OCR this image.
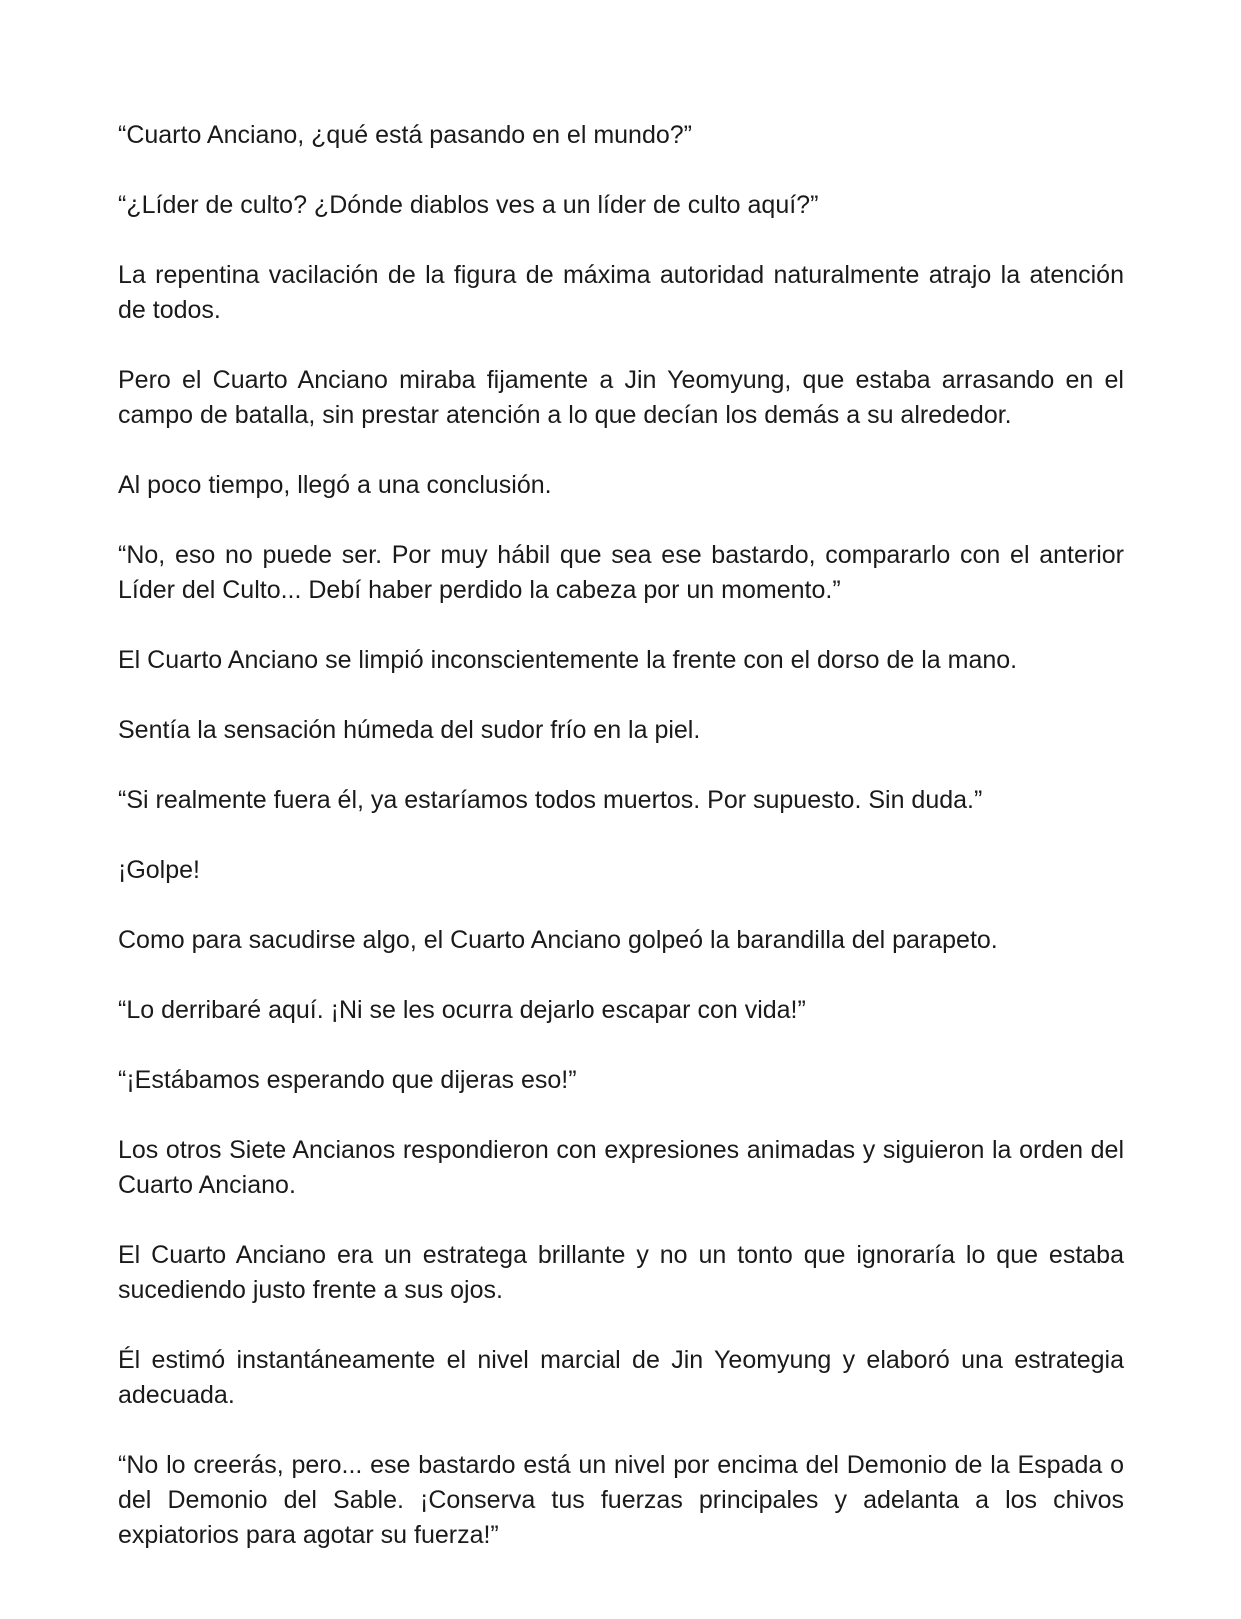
“Cuarto Anciano, ¿qué está pasando en el mundo?”

“¿Líder de culto? ¿Dónde diablos ves a un líder de culto aquí?”

La repentina vacilación de la figura de máxima autoridad naturalmente atrajo la atención de todos.

Pero el Cuarto Anciano miraba fijamente a Jin Yeomyung, que estaba arrasando en el campo de batalla, sin prestar atención a lo que decían los demás a su alrededor.

Al poco tiempo, llegó a una conclusión.

“No, eso no puede ser. Por muy hábil que sea ese bastardo, compararlo con el anterior Líder del Culto... Debí haber perdido la cabeza por un momento.”

El Cuarto Anciano se limpió inconscientemente la frente con el dorso de la mano.

Sentía la sensación húmeda del sudor frío en la piel.

“Si realmente fuera él, ya estaríamos todos muertos. Por supuesto. Sin duda.”

¡Golpe!

Como para sacudirse algo, el Cuarto Anciano golpeó la barandilla del parapeto.

“Lo derribaré aquí. ¡Ni se les ocurra dejarlo escapar con vida!”

“¡Estábamos esperando que dijeras eso!”

Los otros Siete Ancianos respondieron con expresiones animadas y siguieron la orden del Cuarto Anciano.

El Cuarto Anciano era un estratega brillante y no un tonto que ignoraría lo que estaba sucediendo justo frente a sus ojos.

Él estimó instantáneamente el nivel marcial de Jin Yeomyung y elaboró una estrategia adecuada.

“No lo creerás, pero... ese bastardo está un nivel por encima del Demonio de la Espada o del Demonio del Sable. ¡Conserva tus fuerzas principales y adelanta a los chivos expiatorios para agotar su fuerza!”
